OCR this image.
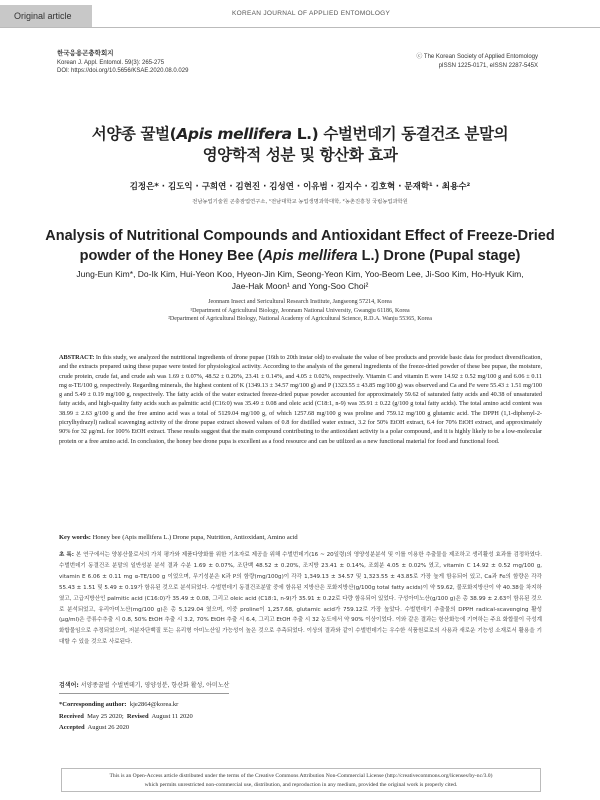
Original article	KOREAN JOURNAL OF APPLIED ENTOMOLOGY
한국응용곤충학회지
Korean J. Appl. Entomol. 59(3): 265-275
DOI: https://doi.org/10.5656/KSAE.2020.08.0.029
ⓒ The Korean Society of Applied Entomology
pISSN 1225-0171, eISSN 2287-545X
서양종 꿀벌(Apis mellifera L.) 수벌번데기 동결건조 분말의
영양학적 성분 및 항산화 효과
김정은* · 김도익 · 구희연 · 김현진 · 김성연 · 이유범 · 김지수 · 김호혁 · 문재학¹ · 최용수²
전남농업기술원 곤충잠업연구소, ¹전남대학교 농업생명과학대학, ²농촌진흥청 국립농업과학원
Analysis of Nutritional Compounds and Antioxidant Effect of Freeze-Dried
powder of the Honey Bee (Apis mellifera L.) Drone (Pupal stage)
Jung-Eun Kim*, Do-Ik Kim, Hui-Yeon Koo, Hyeon-Jin Kim, Seong-Yeon Kim, Yoo-Beom Lee, Ji-Soo Kim, Ho-Hyuk Kim,
Jae-Hak Moon¹ and Yong-Soo Choi²
Jeonnam Insect and Sericultural Research Institute, Jangseong 57214, Korea
¹Department of Agricultural Biology, Jeonnam National University, Gwangju 61186, Korea
²Department of Agricultural Biology, National Academy of Agricultural Science, R.D.A. Wanju 55365, Korea
ABSTRACT: In this study, we analyzed the nutritional ingredients of drone pupae (16th to 20th instar old) to evaluate the value of bee products and provide basic data for product diversification, and the extracts prepared using these pupae were tested for physiological activity. According to the analysis of the general ingredients of the freeze-dried powder of these bee pupae, the moisture, crude protein, crude fat, and crude ash was 1.69 ± 0.07%, 48.52 ± 0.20%, 23.41 ± 0.14%, and 4.05 ± 0.02%, respectively. Vitamin C and vitamin E were 14.92 ± 0.52 mg/100 g and 6.06 ± 0.11 mg α-TE/100 g, respectively. Regarding minerals, the highest content of K (1349.13 ± 34.57 mg/100 g) and P (1323.55 ± 43.85 mg/100 g) was observed and Ca and Fe were 55.43 ± 1.51 mg/100 g and 5.49 ± 0.19 mg/100 g, respectively. The fatty acids of the water extracted freeze-dried pupae powder accounted for approximately 59.62 of saturated fatty acids and 40.38 of unsaturated fatty acids, and high-quality fatty acids such as palmitic acid (C16:0) was 35.49 ± 0.08 and oleic acid (C18:1, n-9) was 35.91 ± 0.22 (g/100 g total fatty acids). The total amino acid content was 38.99 ± 2.63 g/100 g and the free amino acid was a total of 5129.04 mg/100 g, of which 1257.68 mg/100 g was proline and 759.12 mg/100 g glutamic acid. The DPPH (1,1-diphenyl-2-picrylhydrazyl) radical scavenging activity of the drone pupae extract showed values of 0.8 for distilled water extract, 3.2 for 50% EtOH extract, 6.4 for 70% EtOH extract, and approximately 90% for 32 μg/mL for 100% EtOH extract. These results suggest that the main compound contributing to the antioxidant activity is a polar compound, and it is highly likely to be a low-molecular protein or a free amino acid. In conclusion, the honey bee drone pupa is excellent as a food resource and can be utilized as a new functional material for food and functional food.
Key words: Honey bee (Apis mellifera L.) Drone pupa, Nutrition, Antioxidant, Amino acid
초 록: 본 연구에서는 양봉산물로서의 가치 평가와 제품다양화를 위한 기초자료 제공을 위해 수벌번데기(16 ~ 20일령)의 영양성분분석 및 이를 이용한 추출물을 제조하고 생리활성 효과를 검정하였다. 수벌번데기 동결건조 분말의 일반성분 분석 결과 수분 1.69 ± 0.07%, 조단백 48.52 ± 0.20%, 조지방 23.41 ± 0.14%, 조회분 4.05 ± 0.02% 였고, vitamin C 14.92 ± 0.52 mg/100 g, vitamin E 6.06 ± 0.11 mg α-TE/100 g 이었으며, 무기성분은 K과 P의 함량(mg/100g)이 각각 1,349.13 ± 34.57 및 1,323.55 ± 43.85로 가장 높게 함유되어 있고, Ca과 Fe의 함량은 각각 55.43 ± 1.51 및 5.49 ± 0.19가 함유된 것으로 분석되었다. 수벌번데기 동결건조분말 중에 함유된 지방산은 포화지방산(g/100g total fatty acids)이 약 59.62, 불포화지방산이 약 40.38을 차지하였고, 고급지방산인 palmitic acid (C16:0)가 35.49 ± 0.08, 그리고 oleic acid (C18:1, n-9)가 35.91 ± 0.22로 다량 함유되어 있었다. 구성아미노산(g/100 g)은 총 38.99 ± 2.63이 함유된 것으로 분석되었고, 유리아미노산(mg/100 g)은 총 5,129.04 였으며, 이중 proline이 1,257.68, glutamic acid가 759.12로 가장 높았다. 수벌번데기 추출물의 DPPH radical-scavenging 활성(μg/ml)은 증류수추출 시 0.8, 50% EtOH 추출 시 3.2, 70% EtOH 추출 시 6.4, 그리고 EtOH 추출 시 32 농도에서 약 90% 이상이었다. 이와 같은 결과는 항산화능에 기여하는 주요 화합물이 극성계 화합물임으로 추정되었으며, 저분자단백질 또는 유리형 아미노산일 가능성이 높은 것으로 추측되었다. 이상의 결과와 같이 수벌번데기는 우수한 식품원료로의 사용과 새로운 기능성 소재로서 활용을 기대할 수 있을 것으로 사료된다.
검색어: 서양종꿀벌 수벌번데기, 영양성분, 항산화 활성, 아미노산
*Corresponding author: kje2864@korea.kr
Received May 25 2020; Revised August 11 2020
Accepted August 26 2020
This is an Open-Access article distributed under the terms of the Creative Commons Attribution Non-Commercial License (http://creativecommons.org/licenses/by-nc/3.0)
which permits unrestricted non-commercial use, distribution, and reproduction in any medium, provided the original work is properly cited.
